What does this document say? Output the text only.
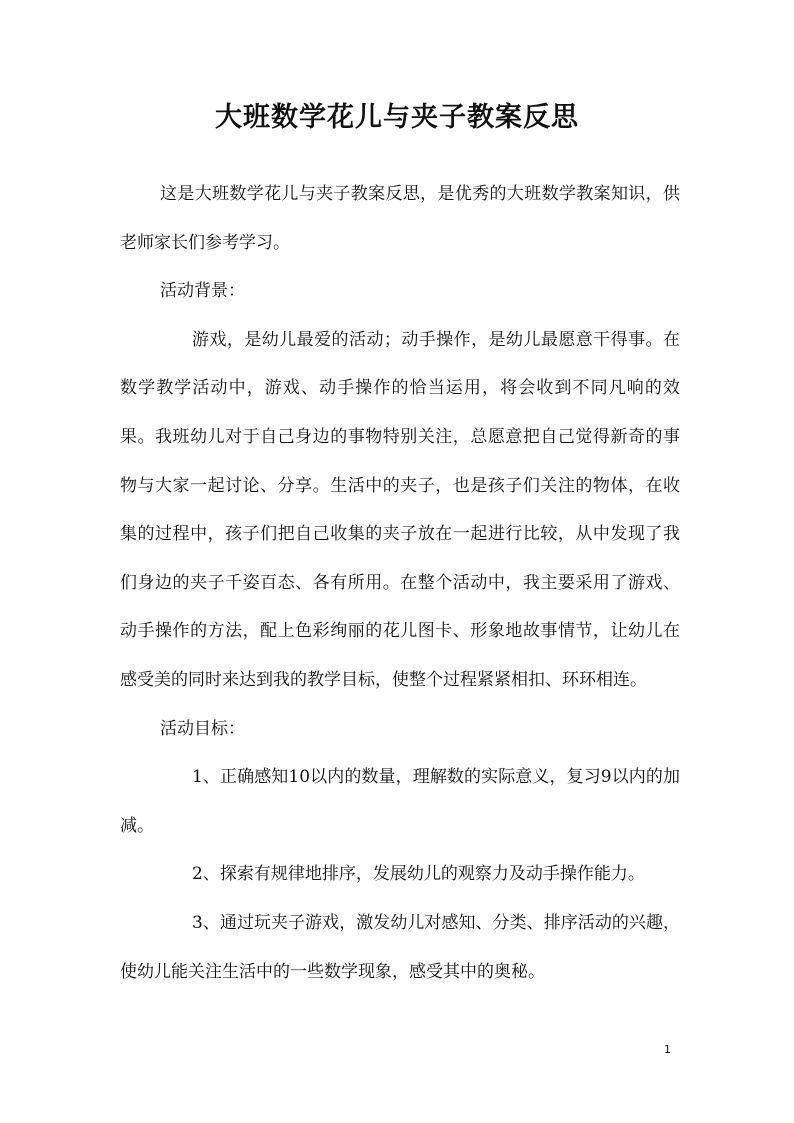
大班数学花儿与夹子教案反思

这是大班数学花儿与夹子教案反思，是优秀的大班数学教案知识，供老师家长们参考学习。

活动背景：

游戏，是幼儿最爱的活动；动手操作，是幼儿最愿意干得事。在数学教学活动中，游戏、动手操作的恰当运用，将会收到不同凡响的效果。我班幼儿对于自己身边的事物特别关注，总愿意把自己觉得新奇的事物与大家一起讨论、分享。生活中的夹子，也是孩子们关注的物体，在收集的过程中，孩子们把自己收集的夹子放在一起进行比较，从中发现了我们身边的夹子千姿百态、各有所用。在整个活动中，我主要采用了游戏、动手操作的方法，配上色彩绚丽的花儿图卡、形象地故事情节，让幼儿在感受美的同时来达到我的教学目标，使整个过程紧紧相扣、环环相连。

活动目标：

1、正确感知10以内的数量，理解数的实际意义，复习9以内的加减。

2、探索有规律地排序，发展幼儿的观察力及动手操作能力。

3、通过玩夹子游戏，激发幼儿对感知、分类、排序活动的兴趣，使幼儿能关注生活中的一些数学现象，感受其中的奥秘。

1
